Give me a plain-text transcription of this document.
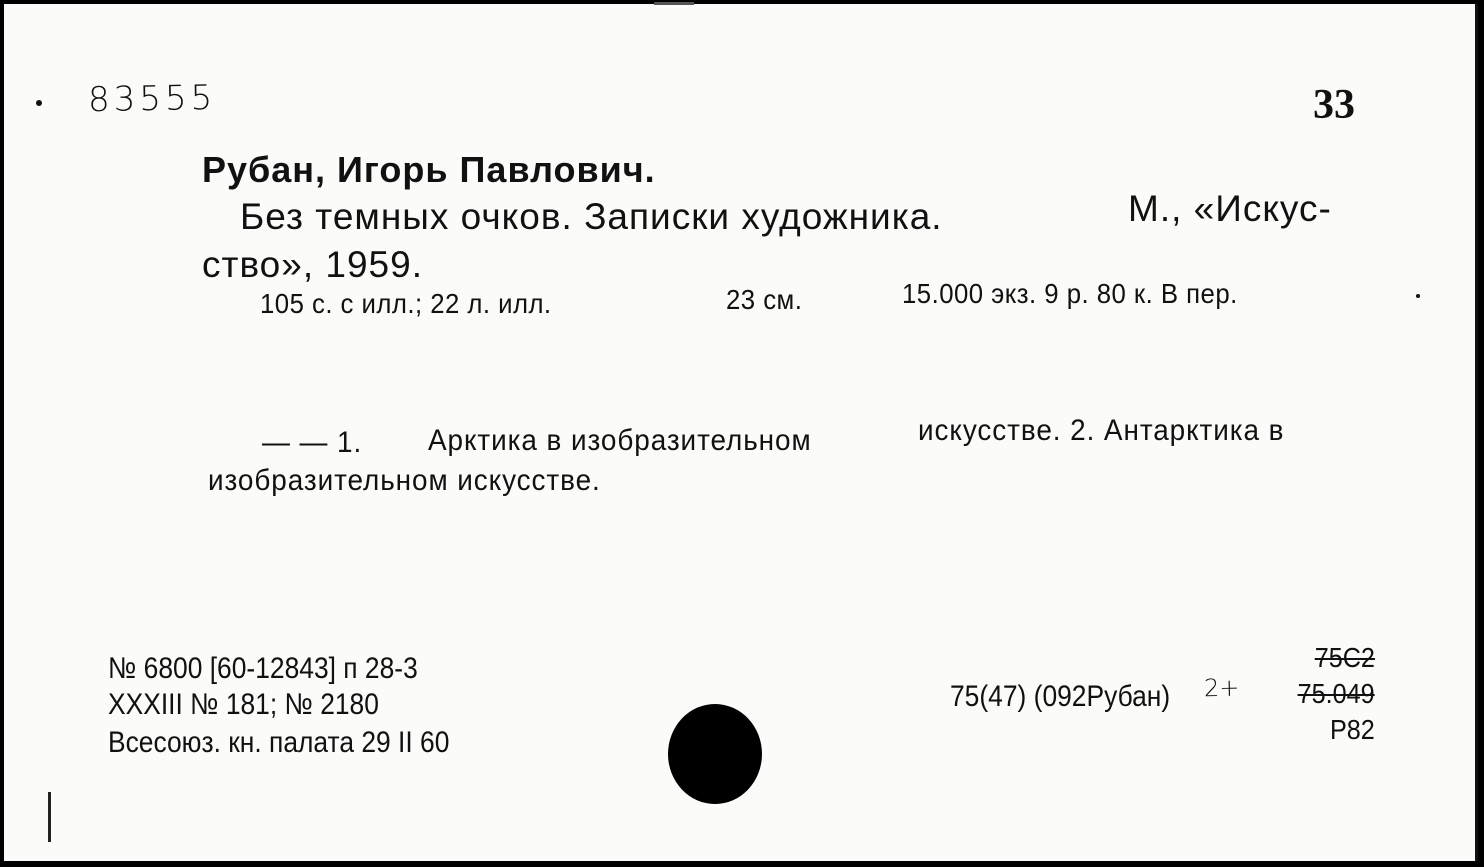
83555	33
Рубан, Игорь Павлович.
Без темных очков. Записки художника.	М., «Искус-
ство», 1959.
105 с. с илл.; 22 л. илл.	23 см.	15.000 экз. 9 р. 80 к. В пер.
— — 1. Арктика в изобразительном	искусстве. 2. Антарктика в
изобразительном искусстве.
№ 6800 [60-12843] п 28-3
XXXIII № 181; № 2180
Всесоюз. кн. палата 29 II 60
75С2
75(47) (092Рубан) 2+ 75.049
Р82
